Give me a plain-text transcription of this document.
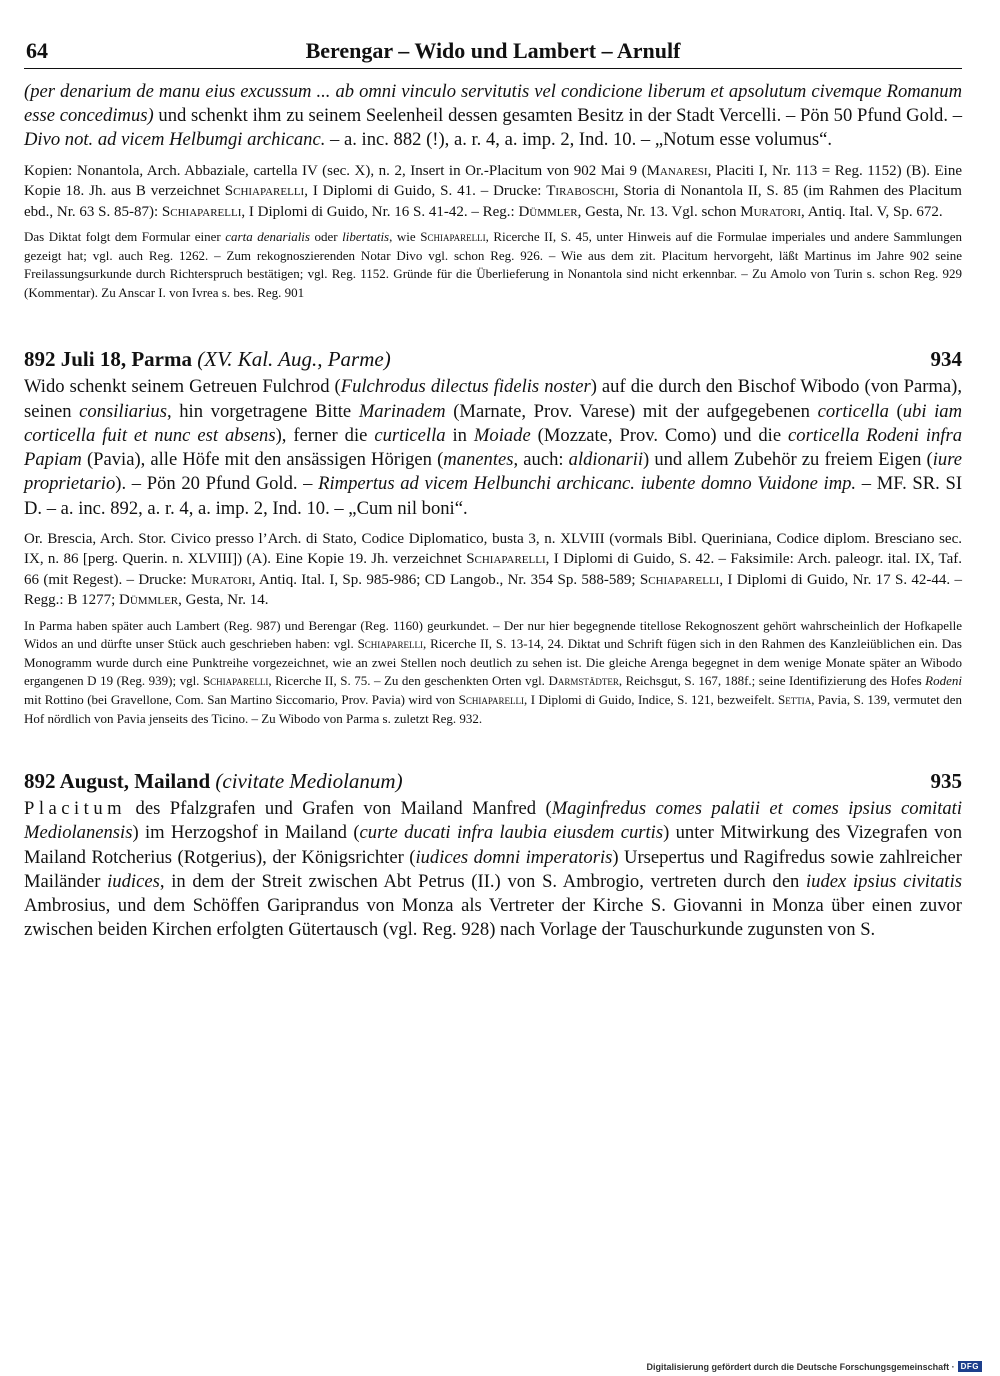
64	Berengar – Wido und Lambert – Arnulf

(per denarium de manu eius excussum ... ab omni vinculo servitutis vel condicione liberum et apsolutum civemque Romanum esse concedimus) und schenkt ihm zu seinem Seelenheil dessen gesamten Besitz in der Stadt Vercelli. – Pön 50 Pfund Gold. – Divo not. ad vicem Helbumgi archicanc. – a. inc. 882 (!), a. r. 4, a. imp. 2, Ind. 10. – „Notum esse volumus“.

Kopien: Nonantola, Arch. Abbaziale, cartella IV (sec. X), n. 2, Insert in Or.-Placitum von 902 Mai 9 (Manaresi, Placiti I, Nr. 113 = Reg. 1152) (B). Eine Kopie 18. Jh. aus B verzeichnet Schiaparelli, I Diplomi di Guido, S. 41. – Drucke: Tiraboschi, Storia di Nonantola II, S. 85 (im Rahmen des Placitum ebd., Nr. 63 S. 85-87): Schiaparelli, I Diplomi di Guido, Nr. 16 S. 41-42. – Reg.: Dümmler, Gesta, Nr. 13. Vgl. schon Muratori, Antiq. Ital. V, Sp. 672.

Das Diktat folgt dem Formular einer carta denarialis oder libertatis, wie Schiaparelli, Ricerche II, S. 45, unter Hinweis auf die Formulae imperiales und andere Sammlungen gezeigt hat; vgl. auch Reg. 1262. – Zum rekognoszierenden Notar Divo vgl. schon Reg. 926. – Wie aus dem zit. Placitum hervorgeht, läßt Martinus im Jahre 902 seine Freilassungsurkunde durch Richterspruch bestätigen; vgl. Reg. 1152. Gründe für die Überlieferung in Nonantola sind nicht erkennbar. – Zu Amolo von Turin s. schon Reg. 929 (Kommentar). Zu Anscar I. von Ivrea s. bes. Reg. 901

892 Juli 18, Parma (XV. Kal. Aug., Parme)	934

Wido schenkt seinem Getreuen Fulchrod (Fulchrodus dilectus fidelis noster) auf die durch den Bischof Wibodo (von Parma), seinen consiliarius, hin vorgetragene Bitte Marinadem (Marnate, Prov. Varese) mit der aufgegebenen corticella (ubi iam corticella fuit et nunc est absens), ferner die curticella in Moiade (Mozzate, Prov. Como) und die corticella Rodeni infra Papiam (Pavia), alle Höfe mit den ansässigen Hörigen (manentes, auch: aldionarii) und allem Zubehör zu freiem Eigen (iure proprietario). – Pön 20 Pfund Gold. – Rimpertus ad vicem Helbunchi archicanc. iubente domno Vuidone imp. – MF. SR. SI D. – a. inc. 892, a. r. 4, a. imp. 2, Ind. 10. – „Cum nil boni“.

Or. Brescia, Arch. Stor. Civico presso l’Arch. di Stato, Codice Diplomatico, busta 3, n. XLVIII (vormals Bibl. Queriniana, Codice diplom. Bresciano sec. IX, n. 86 [perg. Querin. n. XLVIII]) (A). Eine Kopie 19. Jh. verzeichnet Schiaparelli, I Diplomi di Guido, S. 42. – Faksimile: Arch. paleogr. ital. IX, Taf. 66 (mit Regest). – Drucke: Muratori, Antiq. Ital. I, Sp. 985-986; CD Langob., Nr. 354 Sp. 588-589; Schiaparelli, I Diplomi di Guido, Nr. 17 S. 42-44. – Regg.: B 1277; Dümmler, Gesta, Nr. 14.

In Parma haben später auch Lambert (Reg. 987) und Berengar (Reg. 1160) geurkundet. – Der nur hier begegnende titellose Rekognoszent gehört wahrscheinlich der Hofkapelle Widos an und dürfte unser Stück auch geschrieben haben: vgl. Schiaparelli, Ricerche II, S. 13-14, 24. Diktat und Schrift fügen sich in den Rahmen des Kanzleiüblichen ein. Das Monogramm wurde durch eine Punktreihe vorgezeichnet, wie an zwei Stellen noch deutlich zu sehen ist. Die gleiche Arenga begegnet in dem wenige Monate später an Wibodo ergangenen D 19 (Reg. 939); vgl. Schiaparelli, Ricerche II, S. 75. – Zu den geschenkten Orten vgl. Darmstädter, Reichsgut, S. 167, 188f.; seine Identifizierung des Hofes Rodeni mit Rottino (bei Gravellone, Com. San Martino Siccomario, Prov. Pavia) wird von Schiaparelli, I Diplomi di Guido, Indice, S. 121, bezweifelt. Settia, Pavia, S. 139, vermutet den Hof nördlich von Pavia jenseits des Ticino. – Zu Wibodo von Parma s. zuletzt Reg. 932.

892 August, Mailand (civitate Mediolanum)	935

Placitum des Pfalzgrafen und Grafen von Mailand Manfred (Maginfredus comes palatii et comes ipsius comitati Mediolanensis) im Herzogshof in Mailand (curte ducati infra laubia eiusdem curtis) unter Mitwirkung des Vizegrafen von Mailand Rotcherius (Rotgerius), der Königsrichter (iudices domni imperatoris) Ursepertus und Ragifredus sowie zahlreicher Mailänder iudices, in dem der Streit zwischen Abt Petrus (II.) von S. Ambrogio, vertreten durch den iudex ipsius civitatis Ambrosius, und dem Schöffen Gariprandus von Monza als Vertreter der Kirche S. Giovanni in Monza über einen zuvor zwischen beiden Kirchen erfolgten Gütertausch (vgl. Reg. 928) nach Vorlage der Tauschurkunde zugunsten von S.

Digitalisierung gefördert durch die Deutsche Forschungsgemeinschaft · DFG
